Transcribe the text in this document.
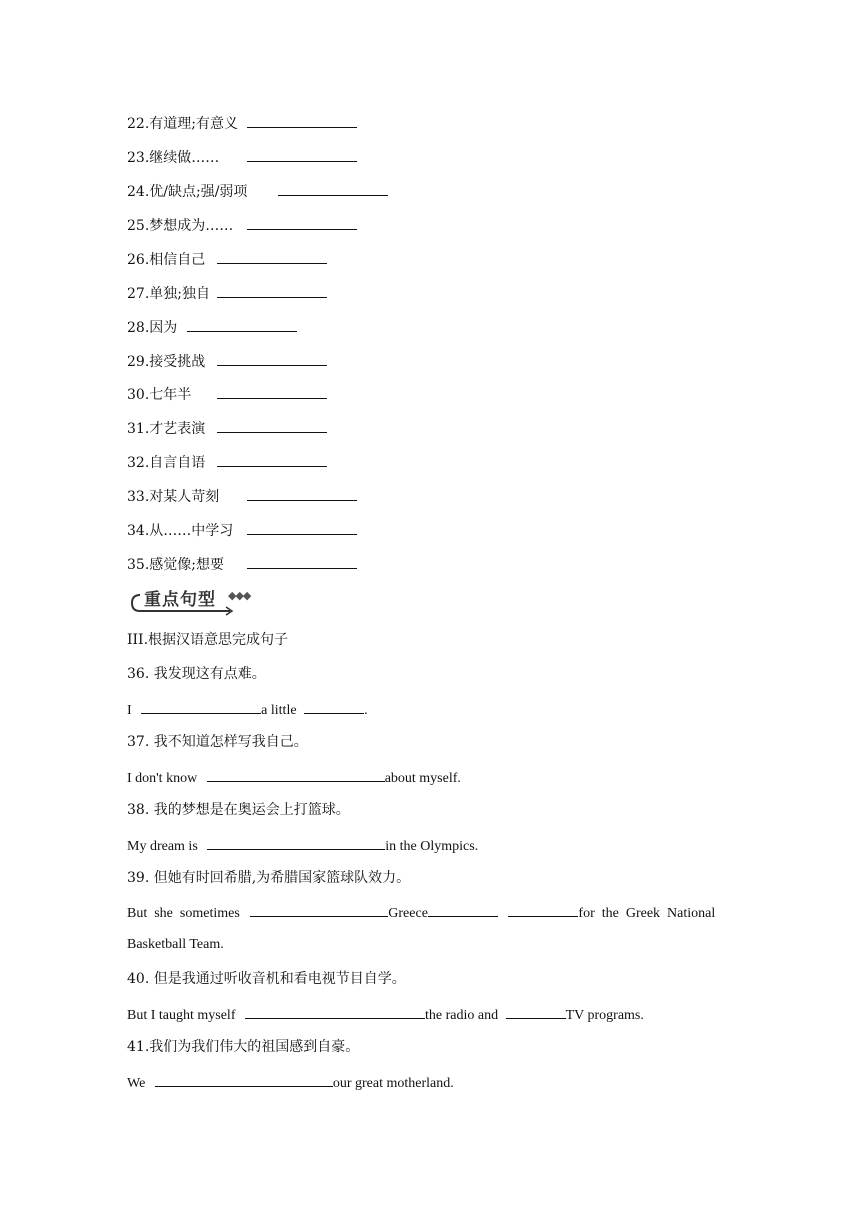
22.有道理;有意义
23.继续做……
24.优/缺点;强/弱项
25.梦想成为……
26.相信自己
27.单独;独自
28.因为
29.接受挑战
30.七年半
31.才艺表演
32.自言自语
33.对某人苛刻
34.从……中学习
35.感觉像;想要
重点句型 ◆◆◆
III.根据汉语意思完成句子
36. 我发现这有点难。
I	a little	.
37. 我不知道怎样写我自己。
I don't know	about myself.
38. 我的梦想是在奥运会上打篮球。
My dream is	in the Olympics.
39. 但她有时回希腊,为希腊国家篮球队效力。
But  she  sometimes	Greece	for  the  Greek  National
Basketball Team.
40. 但是我通过听收音机和看电视节目自学。
But I taught myself	the radio and	TV programs.
41.我们为我们伟大的祖国感到自豪。
We	our great motherland.
